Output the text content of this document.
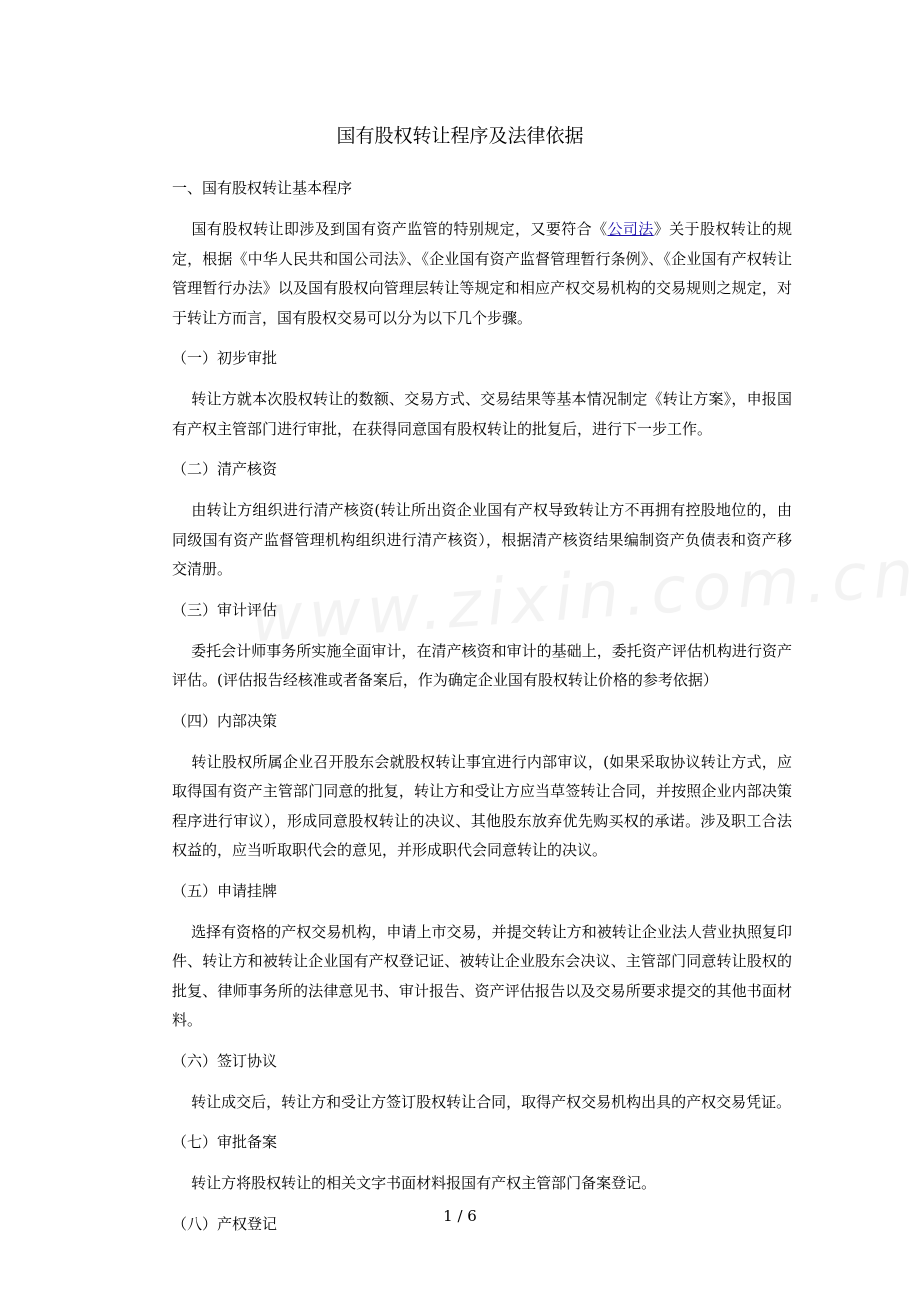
国有股权转让程序及法律依据
一、国有股权转让基本程序
  国有股权转让即涉及到国有资产监管的特别规定，又要符合《公司法》关于股权转让的规定，根据《中华人民共和国公司法》、《企业国有资产监督管理暂行条例》、《企业国有产权转让管理暂行办法》以及国有股权向管理层转让等规定和相应产权交易机构的交易规则之规定，对于转让方而言，国有股权交易可以分为以下几个步骤。
（一）初步审批
  转让方就本次股权转让的数额、交易方式、交易结果等基本情况制定《转让方案》，申报国有产权主管部门进行审批，在获得同意国有股权转让的批复后，进行下一步工作。
（二）清产核资
  由转让方组织进行清产核资(转让所出资企业国有产权导致转让方不再拥有控股地位的，由同级国有资产监督管理机构组织进行清产核资），根据清产核资结果编制资产负债表和资产移交清册。
（三）审计评估
  委托会计师事务所实施全面审计，在清产核资和审计的基础上，委托资产评估机构进行资产评估。(评估报告经核准或者备案后，作为确定企业国有股权转让价格的参考依据）
（四）内部决策
  转让股权所属企业召开股东会就股权转让事宜进行内部审议，(如果采取协议转让方式，应取得国有资产主管部门同意的批复，转让方和受让方应当草签转让合同，并按照企业内部决策程序进行审议），形成同意股权转让的决议、其他股东放弃优先购买权的承诺。涉及职工合法权益的，应当听取职代会的意见，并形成职代会同意转让的决议。
（五）申请挂牌
  选择有资格的产权交易机构，申请上市交易，并提交转让方和被转让企业法人营业执照复印件、转让方和被转让企业国有产权登记证、被转让企业股东会决议、主管部门同意转让股权的批复、律师事务所的法律意见书、审计报告、资产评估报告以及交易所要求提交的其他书面材料。
（六）签订协议
  转让成交后，转让方和受让方签订股权转让合同，取得产权交易机构出具的产权交易凭证。
（七）审批备案
  转让方将股权转让的相关文字书面材料报国有产权主管部门备案登记。
（八）产权登记	1 / 6
